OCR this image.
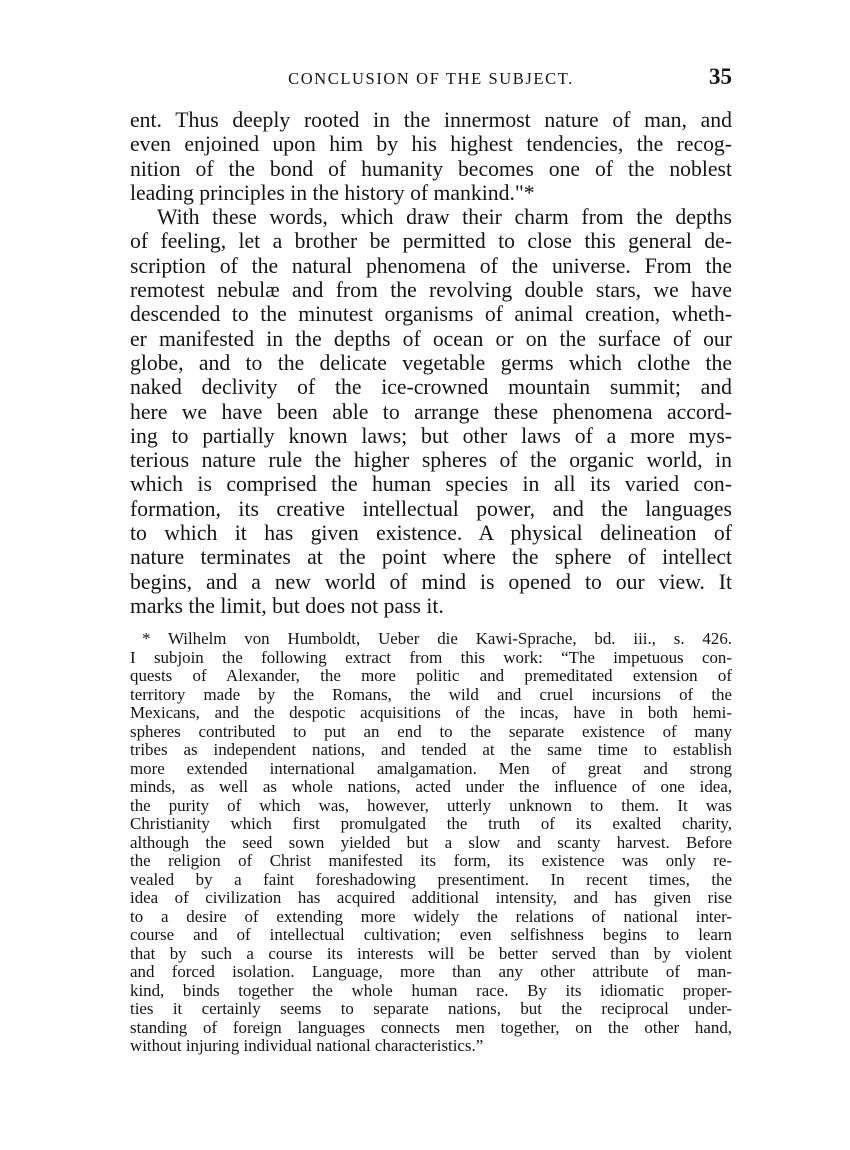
CONCLUSION OF THE SUBJECT.	35
ent. Thus deeply rooted in the innermost nature of man, and
even enjoined upon him by his highest tendencies, the recog-
nition of the bond of humanity becomes one of the noblest
leading principles in the history of mankind."*
With these words, which draw their charm from the depths
of feeling, let a brother be permitted to close this general de-
scription of the natural phenomena of the universe. From the
remotest nebulæ and from the revolving double stars, we have
descended to the minutest organisms of animal creation, wheth-
er manifested in the depths of ocean or on the surface of our
globe, and to the delicate vegetable germs which clothe the
naked declivity of the ice-crowned mountain summit; and
here we have been able to arrange these phenomena accord-
ing to partially known laws; but other laws of a more mys-
terious nature rule the higher spheres of the organic world, in
which is comprised the human species in all its varied con-
formation, its creative intellectual power, and the languages
to which it has given existence. A physical delineation of
nature terminates at the point where the sphere of intellect
begins, and a new world of mind is opened to our view. It
marks the limit, but does not pass it.
* Wilhelm von Humboldt, Ueber die Kawi-Sprache, bd. iii., s. 426.
I subjoin the following extract from this work: “The impetuous con-
quests of Alexander, the more politic and premeditated extension of
territory made by the Romans, the wild and cruel incursions of the
Mexicans, and the despotic acquisitions of the incas, have in both hemi-
spheres contributed to put an end to the separate existence of many
tribes as independent nations, and tended at the same time to establish
more extended international amalgamation. Men of great and strong
minds, as well as whole nations, acted under the influence of one idea,
the purity of which was, however, utterly unknown to them. It was
Christianity which first promulgated the truth of its exalted charity,
although the seed sown yielded but a slow and scanty harvest. Before
the religion of Christ manifested its form, its existence was only re-
vealed by a faint foreshadowing presentiment. In recent times, the
idea of civilization has acquired additional intensity, and has given rise
to a desire of extending more widely the relations of national inter-
course and of intellectual cultivation; even selfishness begins to learn
that by such a course its interests will be better served than by violent
and forced isolation. Language, more than any other attribute of man-
kind, binds together the whole human race. By its idiomatic proper-
ties it certainly seems to separate nations, but the reciprocal under-
standing of foreign languages connects men together, on the other hand,
without injuring individual national characteristics.”
